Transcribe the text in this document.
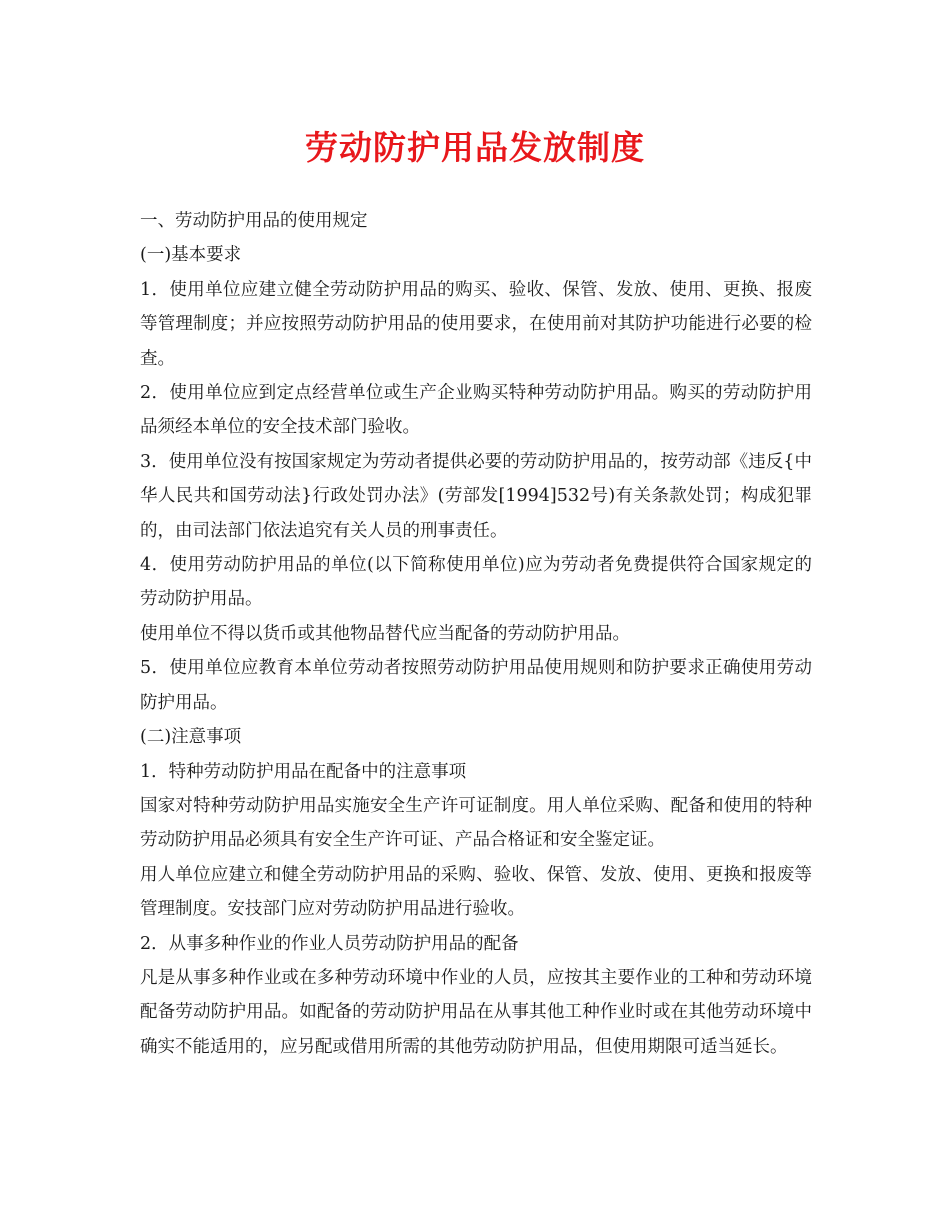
劳动防护用品发放制度

一、劳动防护用品的使用规定

(一)基本要求

1．使用单位应建立健全劳动防护用品的购买、验收、保管、发放、使用、更换、报废等管理制度；并应按照劳动防护用品的使用要求，在使用前对其防护功能进行必要的检查。

2．使用单位应到定点经营单位或生产企业购买特种劳动防护用品。购买的劳动防护用品须经本单位的安全技术部门验收。

3．使用单位没有按国家规定为劳动者提供必要的劳动防护用品的，按劳动部《违反{中华人民共和国劳动法}行政处罚办法》(劳部发[1994]532号)有关条款处罚；构成犯罪的，由司法部门依法追究有关人员的刑事责任。

4．使用劳动防护用品的单位(以下简称使用单位)应为劳动者免费提供符合国家规定的劳动防护用品。

使用单位不得以货币或其他物品替代应当配备的劳动防护用品。

5．使用单位应教育本单位劳动者按照劳动防护用品使用规则和防护要求正确使用劳动防护用品。

(二)注意事项

1．特种劳动防护用品在配备中的注意事项

国家对特种劳动防护用品实施安全生产许可证制度。用人单位采购、配备和使用的特种劳动防护用品必须具有安全生产许可证、产品合格证和安全鉴定证。

用人单位应建立和健全劳动防护用品的采购、验收、保管、发放、使用、更换和报废等管理制度。安技部门应对劳动防护用品进行验收。

2．从事多种作业的作业人员劳动防护用品的配备

凡是从事多种作业或在多种劳动环境中作业的人员，应按其主要作业的工种和劳动环境配备劳动防护用品。如配备的劳动防护用品在从事其他工种作业时或在其他劳动环境中确实不能适用的，应另配或借用所需的其他劳动防护用品，但使用期限可适当延长。
